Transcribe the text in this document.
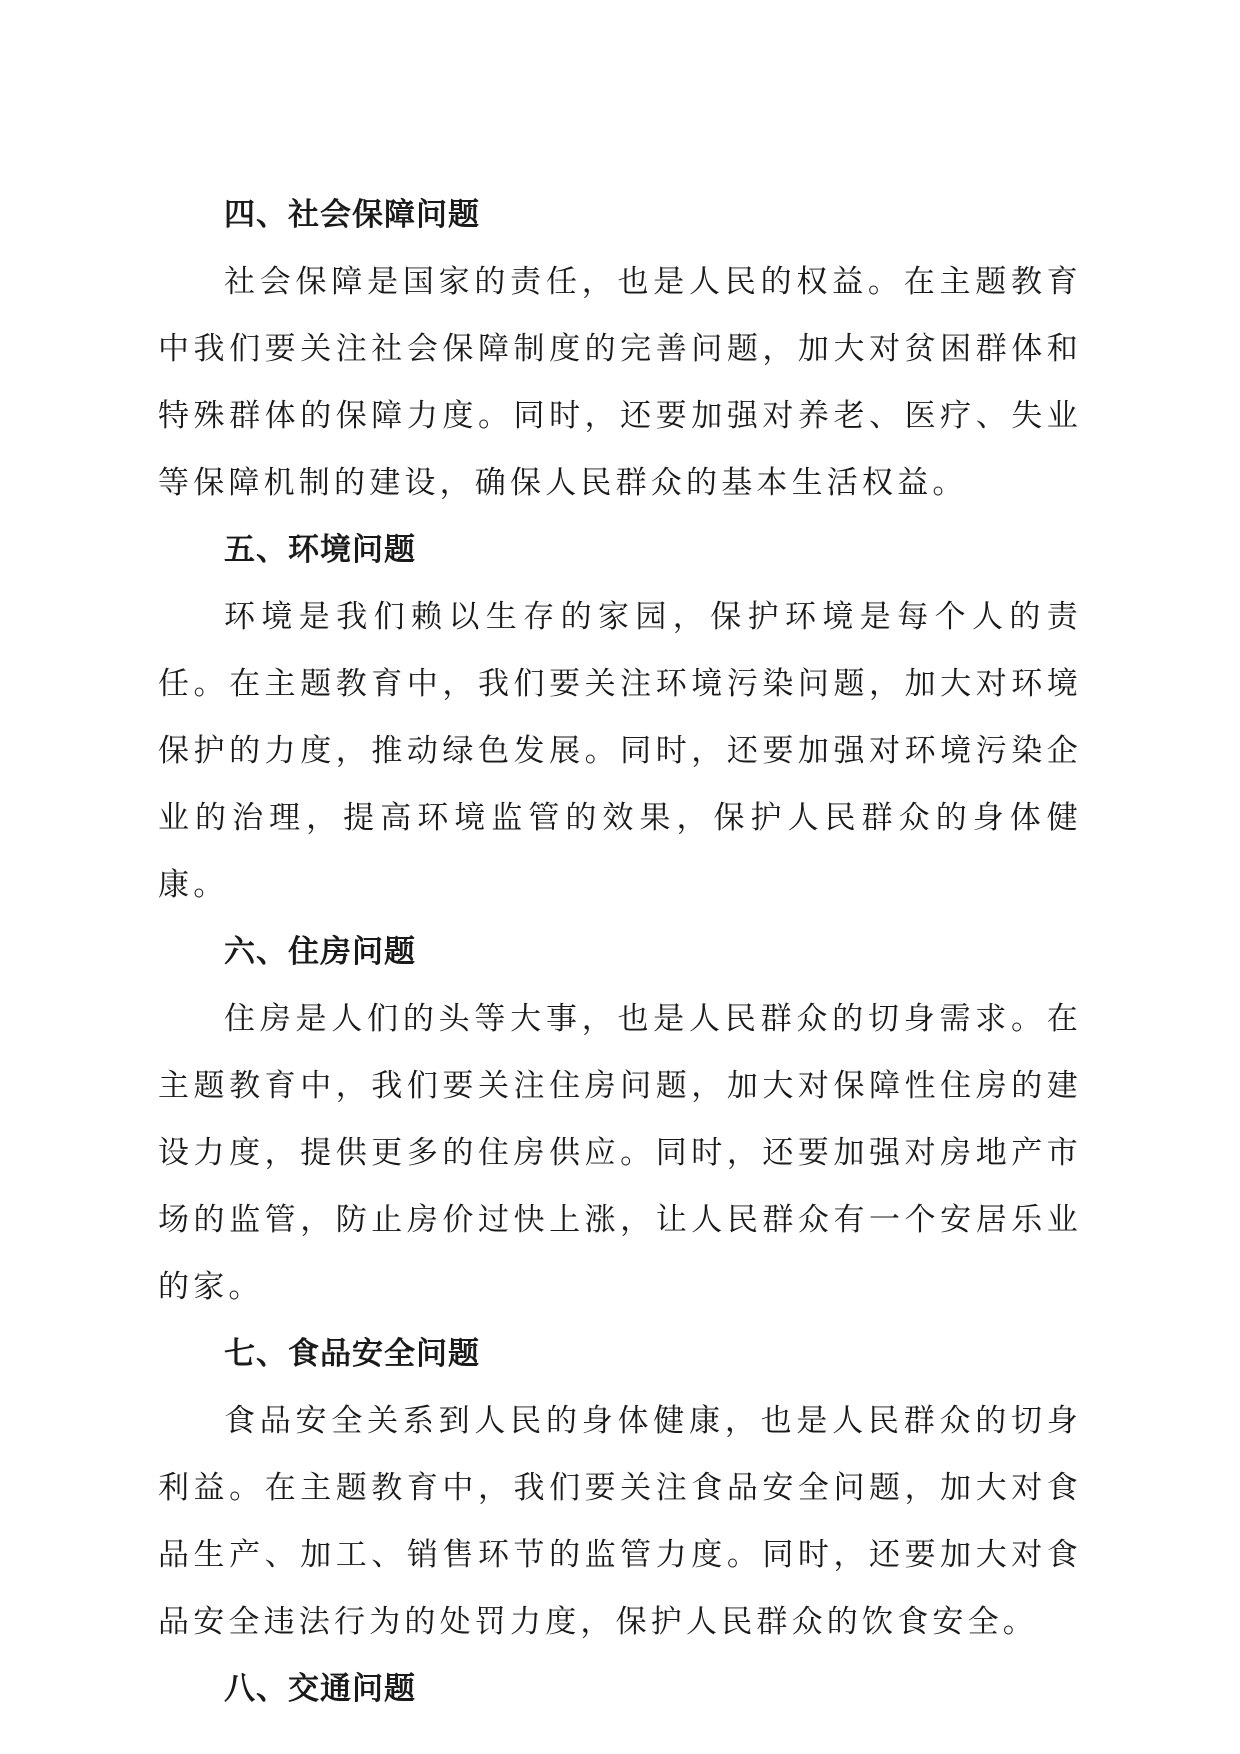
四、社会保障问题

社会保障是国家的责任，也是人民的权益。在主题教育中我们要关注社会保障制度的完善问题，加大对贫困群体和特殊群体的保障力度。同时，还要加强对养老、医疗、失业等保障机制的建设，确保人民群众的基本生活权益。

五、环境问题

环境是我们赖以生存的家园，保护环境是每个人的责任。在主题教育中，我们要关注环境污染问题，加大对环境保护的力度，推动绿色发展。同时，还要加强对环境污染企业的治理，提高环境监管的效果，保护人民群众的身体健康。

六、住房问题

住房是人们的头等大事，也是人民群众的切身需求。在主题教育中，我们要关注住房问题，加大对保障性住房的建设力度，提供更多的住房供应。同时，还要加强对房地产市场的监管，防止房价过快上涨，让人民群众有一个安居乐业的家。

七、食品安全问题

食品安全关系到人民的身体健康，也是人民群众的切身利益。在主题教育中，我们要关注食品安全问题，加大对食品生产、加工、销售环节的监管力度。同时，还要加大对食品安全违法行为的处罚力度，保护人民群众的饮食安全。

八、交通问题
